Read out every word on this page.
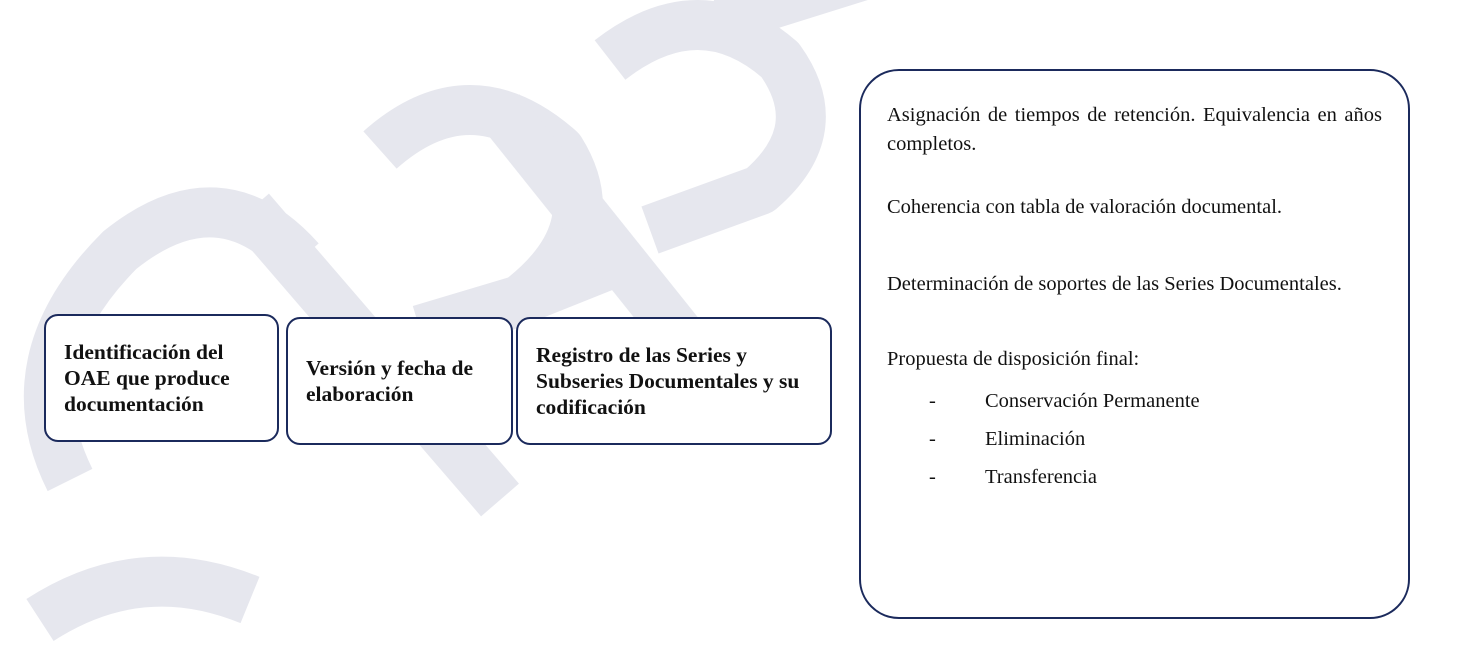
Identificación del OAE que produce documentación
Versión y fecha de elaboración
Registro de las Series y Subseries Documentales y su codificación

Asignación de tiempos de retención. Equivalencia en años completos.

Coherencia con tabla de valoración documental.

Determinación de soportes de las Series Documentales.

Propuesta de disposición final:

-	Conservación Permanente
-	Eliminación
-	Transferencia
